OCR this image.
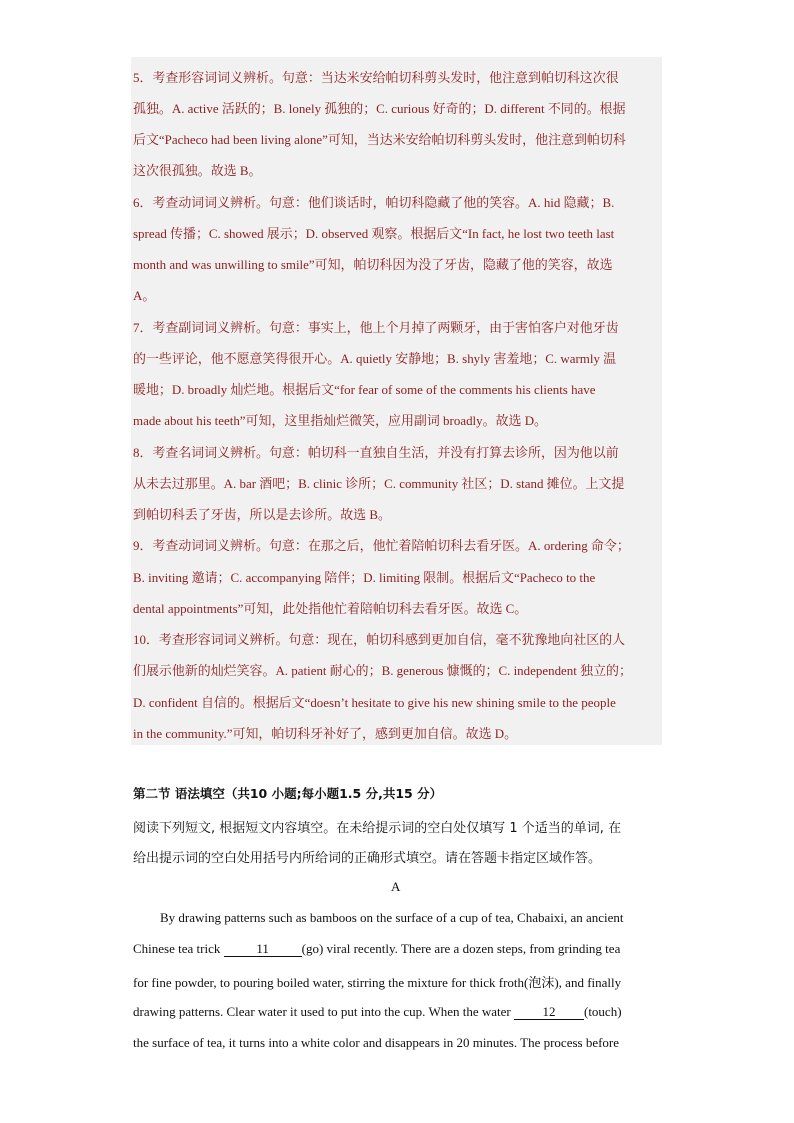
5．考查形容词词义辨析。句意：当达米安给帕切科剪头发时，他注意到帕切科这次很
孤独。A. active 活跃的；B. lonely 孤独的；C. curious 好奇的；D. different 不同的。根据
后文“Pacheco had been living alone”可知，当达米安给帕切科剪头发时，他注意到帕切科
这次很孤独。故选 B。
6．考查动词词义辨析。句意：他们谈话时，帕切科隐藏了他的笑容。A. hid 隐藏；B.
spread 传播；C. showed 展示；D. observed 观察。根据后文“In fact, he lost two teeth last
month and was unwilling to smile”可知，帕切科因为没了牙齿，隐藏了他的笑容，故选
A。
7．考查副词词义辨析。句意：事实上，他上个月掉了两颗牙，由于害怕客户对他牙齿
的一些评论，他不愿意笑得很开心。A. quietly 安静地；B. shyly 害羞地；C. warmly 温
暖地；D. broadly 灿烂地。根据后文“for fear of some of the comments his clients have
made about his teeth”可知，这里指灿烂微笑，应用副词 broadly。故选 D。
8．考查名词词义辨析。句意：帕切科一直独自生活，并没有打算去诊所，因为他以前
从未去过那里。A. bar 酒吧；B. clinic 诊所；C. community 社区；D. stand 摊位。上文提
到帕切科丢了牙齿，所以是去诊所。故选 B。
9．考查动词词义辨析。句意：在那之后，他忙着陪帕切科去看牙医。A. ordering 命令；
B. inviting 邀请；C. accompanying 陪伴；D. limiting 限制。根据后文“Pacheco to the
dental appointments”可知，此处指他忙着陪帕切科去看牙医。故选 C。
10．考查形容词词义辨析。句意：现在，帕切科感到更加自信，毫不犹豫地向社区的人
们展示他新的灿烂笑容。A. patient 耐心的；B. generous 慷慨的；C. independent 独立的；
D. confident 自信的。根据后文“doesn’t hesitate to give his new shining smile to the people
in the community.”可知，帕切科牙补好了，感到更加自信。故选 D。
第二节 语法填空（共10 小题;每小题1.5 分,共15 分）
阅读下列短文, 根据短文内容填空。在未给提示词的空白处仅填写 1 个适当的单词, 在
给出提示词的空白处用括号内所给词的正确形式填空。请在答题卡指定区域作答。
A
By drawing patterns such as bamboos on the surface of a cup of tea, Chabaixi, an ancient
Chinese tea trick	11	(go) viral recently. There are a dozen steps, from grinding tea
for fine powder, to pouring boiled water, stirring the mixture for thick froth(泡沫), and finally
drawing patterns. Clear water it used to put into the cup. When the water 12 (touch)
the surface of tea, it turns into a white color and disappears in 20 minutes. The process before
